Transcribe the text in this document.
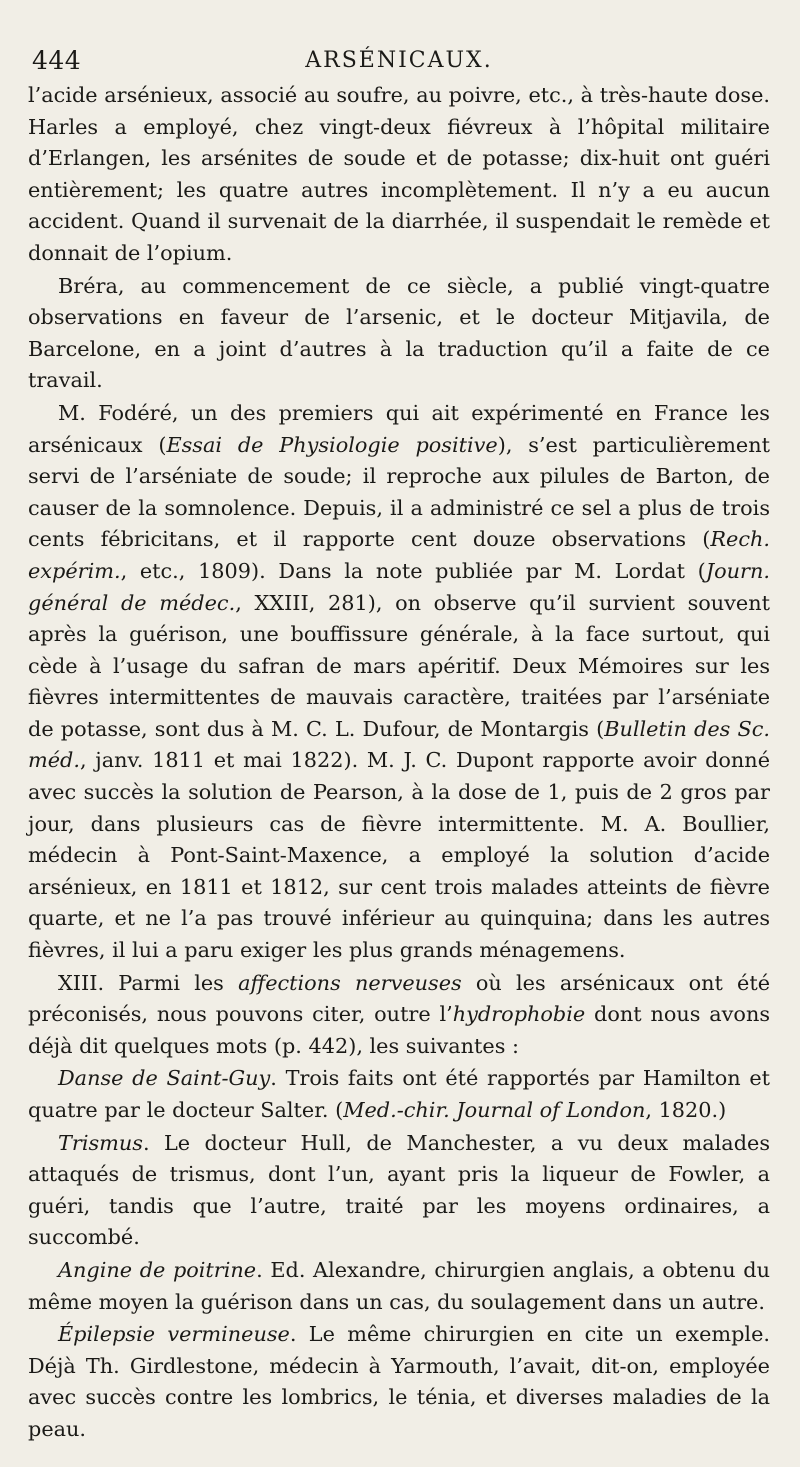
444	ARSÉNICAUX.

l’acide arsénieux, associé au soufre, au poivre, etc., à très-haute dose. Harles a employé, chez vingt-deux fiévreux à l’hôpital militaire d’Erlangen, les arsénites de soude et de potasse; dix-huit ont guéri entièrement; les quatre autres incomplètement. Il n’y a eu aucun accident. Quand il survenait de la diarrhée, il suspendait le remède et donnait de l’opium.

Bréra, au commencement de ce siècle, a publié vingt-quatre observations en faveur de l’arsenic, et le docteur Mitjavila, de Barcelone, en a joint d’autres à la traduction qu’il a faite de ce travail.

M. Fodéré, un des premiers qui ait expérimenté en France les arsénicaux (Essai de Physiologie positive), s’est particulièrement servi de l’arséniate de soude; il reproche aux pilules de Barton, de causer de la somnolence. Depuis, il a administré ce sel a plus de trois cents fébricitans, et il rapporte cent douze observations (Rech. expérim., etc., 1809). Dans la note publiée par M. Lordat (Journ. général de médec., XXIII, 281), on observe qu’il survient souvent après la guérison, une bouffissure générale, à la face surtout, qui cède à l’usage du safran de mars apéritif. Deux Mémoires sur les fièvres intermittentes de mauvais caractère, traitées par l’arséniate de potasse, sont dus à M. C. L. Dufour, de Montargis (Bulletin des Sc. méd., janv. 1811 et mai 1822). M. J. C. Dupont rapporte avoir donné avec succès la solution de Pearson, à la dose de 1, puis de 2 gros par jour, dans plusieurs cas de fièvre intermittente. M. A. Boullier, médecin à Pont-Saint-Maxence, a employé la solution d’acide arsénieux, en 1811 et 1812, sur cent trois malades atteints de fièvre quarte, et ne l’a pas trouvé inférieur au quinquina; dans les autres fièvres, il lui a paru exiger les plus grands ménagemens.

XIII. Parmi les affections nerveuses où les arsénicaux ont été préconisés, nous pouvons citer, outre l’hydrophobie dont nous avons déjà dit quelques mots (p. 442), les suivantes :

Danse de Saint-Guy. Trois faits ont été rapportés par Hamilton et quatre par le docteur Salter. (Med.-chir. Journal of London, 1820.)

Trismus. Le docteur Hull, de Manchester, a vu deux malades attaqués de trismus, dont l’un, ayant pris la liqueur de Fowler, a guéri, tandis que l’autre, traité par les moyens ordinaires, a succombé.

Angine de poitrine. Ed. Alexandre, chirurgien anglais, a obtenu du même moyen la guérison dans un cas, du soulagement dans un autre.

Épilepsie vermineuse. Le même chirurgien en cite un exemple. Déjà Th. Girdlestone, médecin à Yarmouth, l’avait, dit-on, employée avec succès contre les lombrics, le ténia, et diverses maladies de la peau.
